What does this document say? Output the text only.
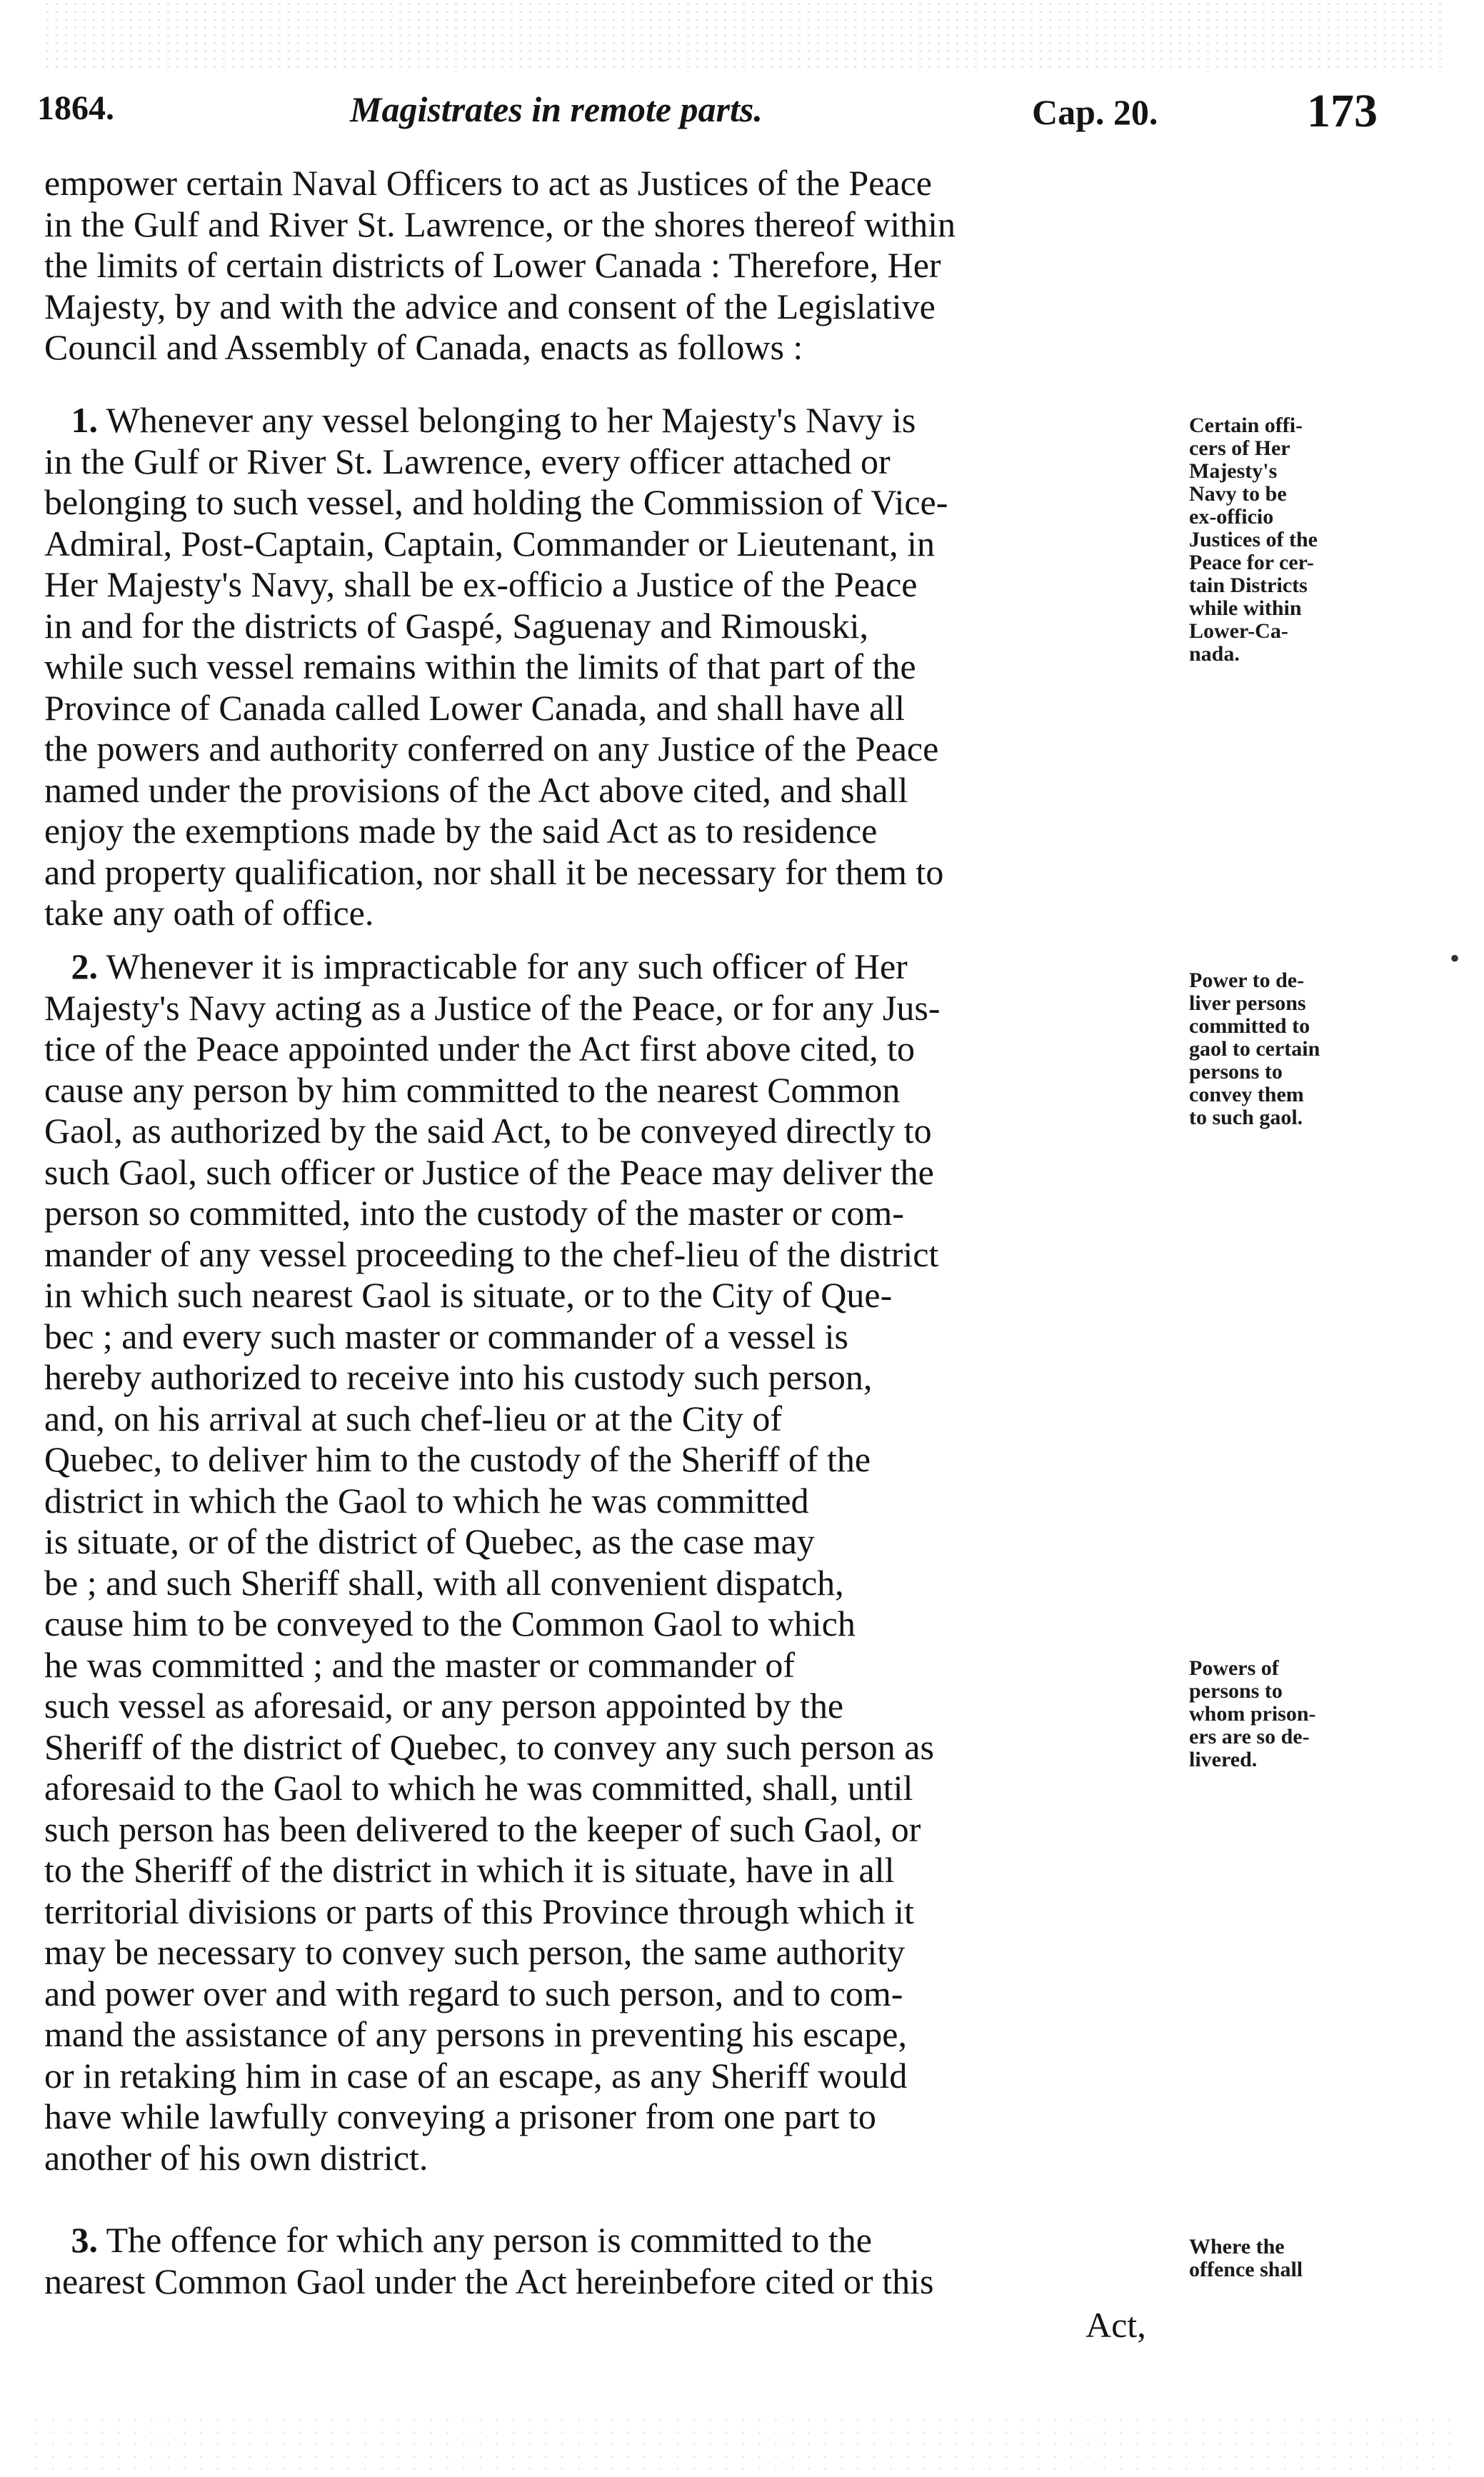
1864.	Magistrates in remote parts.	Cap. 20.	173
empower certain Naval Officers to act as Justices of the Peace
in the Gulf and River St. Lawrence, or the shores thereof within
the limits of certain districts of Lower Canada : Therefore, Her
Majesty, by and with the advice and consent of the Legislative
Council and Assembly of Canada, enacts as follows :
1. Whenever any vessel belonging to her Majesty's Navy is
in the Gulf or River St. Lawrence, every officer attached or
belonging to such vessel, and holding the Commission of Vice-
Admiral, Post-Captain, Captain, Commander or Lieutenant, in
Her Majesty's Navy, shall be ex-officio a Justice of the Peace
in and for the districts of Gaspé, Saguenay and Rimouski,
while such vessel remains within the limits of that part of the
Province of Canada called Lower Canada, and shall have all
the powers and authority conferred on any Justice of the Peace
named under the provisions of the Act above cited, and shall
enjoy the exemptions made by the said Act as to residence
and property qualification, nor shall it be necessary for them to
take any oath of office.
Certain offi-
cers of Her
Majesty's
Navy to be
ex-officio
Justices of the
Peace for cer-
tain Districts
while within
Lower-Ca-
nada.
2. Whenever it is impracticable for any such officer of Her
Majesty's Navy acting as a Justice of the Peace, or for any Jus-
tice of the Peace appointed under the Act first above cited, to
cause any person by him committed to the nearest Common
Gaol, as authorized by the said Act, to be conveyed directly to
such Gaol, such officer or Justice of the Peace may deliver the
person so committed, into the custody of the master or com-
mander of any vessel proceeding to the chef-lieu of the district
in which such nearest Gaol is situate, or to the City of Que-
bec ; and every such master or commander of a vessel is
hereby authorized to receive into his custody such person,
and, on his arrival at such chef-lieu or at the City of
Quebec, to deliver him to the custody of the Sheriff of the
district in which the Gaol to which he was committed
is situate, or of the district of Quebec, as the case may
be ; and such Sheriff shall, with all convenient dispatch,
cause him to be conveyed to the Common Gaol to which
he was committed ; and the master or commander of
such vessel as aforesaid, or any person appointed by the
Sheriff of the district of Quebec, to convey any such person as
aforesaid to the Gaol to which he was committed, shall, until
such person has been delivered to the keeper of such Gaol, or
to the Sheriff of the district in which it is situate, have in all
territorial divisions or parts of this Province through which it
may be necessary to convey such person, the same authority
and power over and with regard to such person, and to com-
mand the assistance of any persons in preventing his escape,
or in retaking him in case of an escape, as any Sheriff would
have while lawfully conveying a prisoner from one part to
another of his own district.
Power to de-
liver persons
committed to
gaol to certain
persons to
convey them
to such gaol.
Powers of
persons to
whom prison-
ers are so de-
livered.
3. The offence for which any person is committed to the
nearest Common Gaol under the Act hereinbefore cited or this
Where the
offence shall
Act,
•
